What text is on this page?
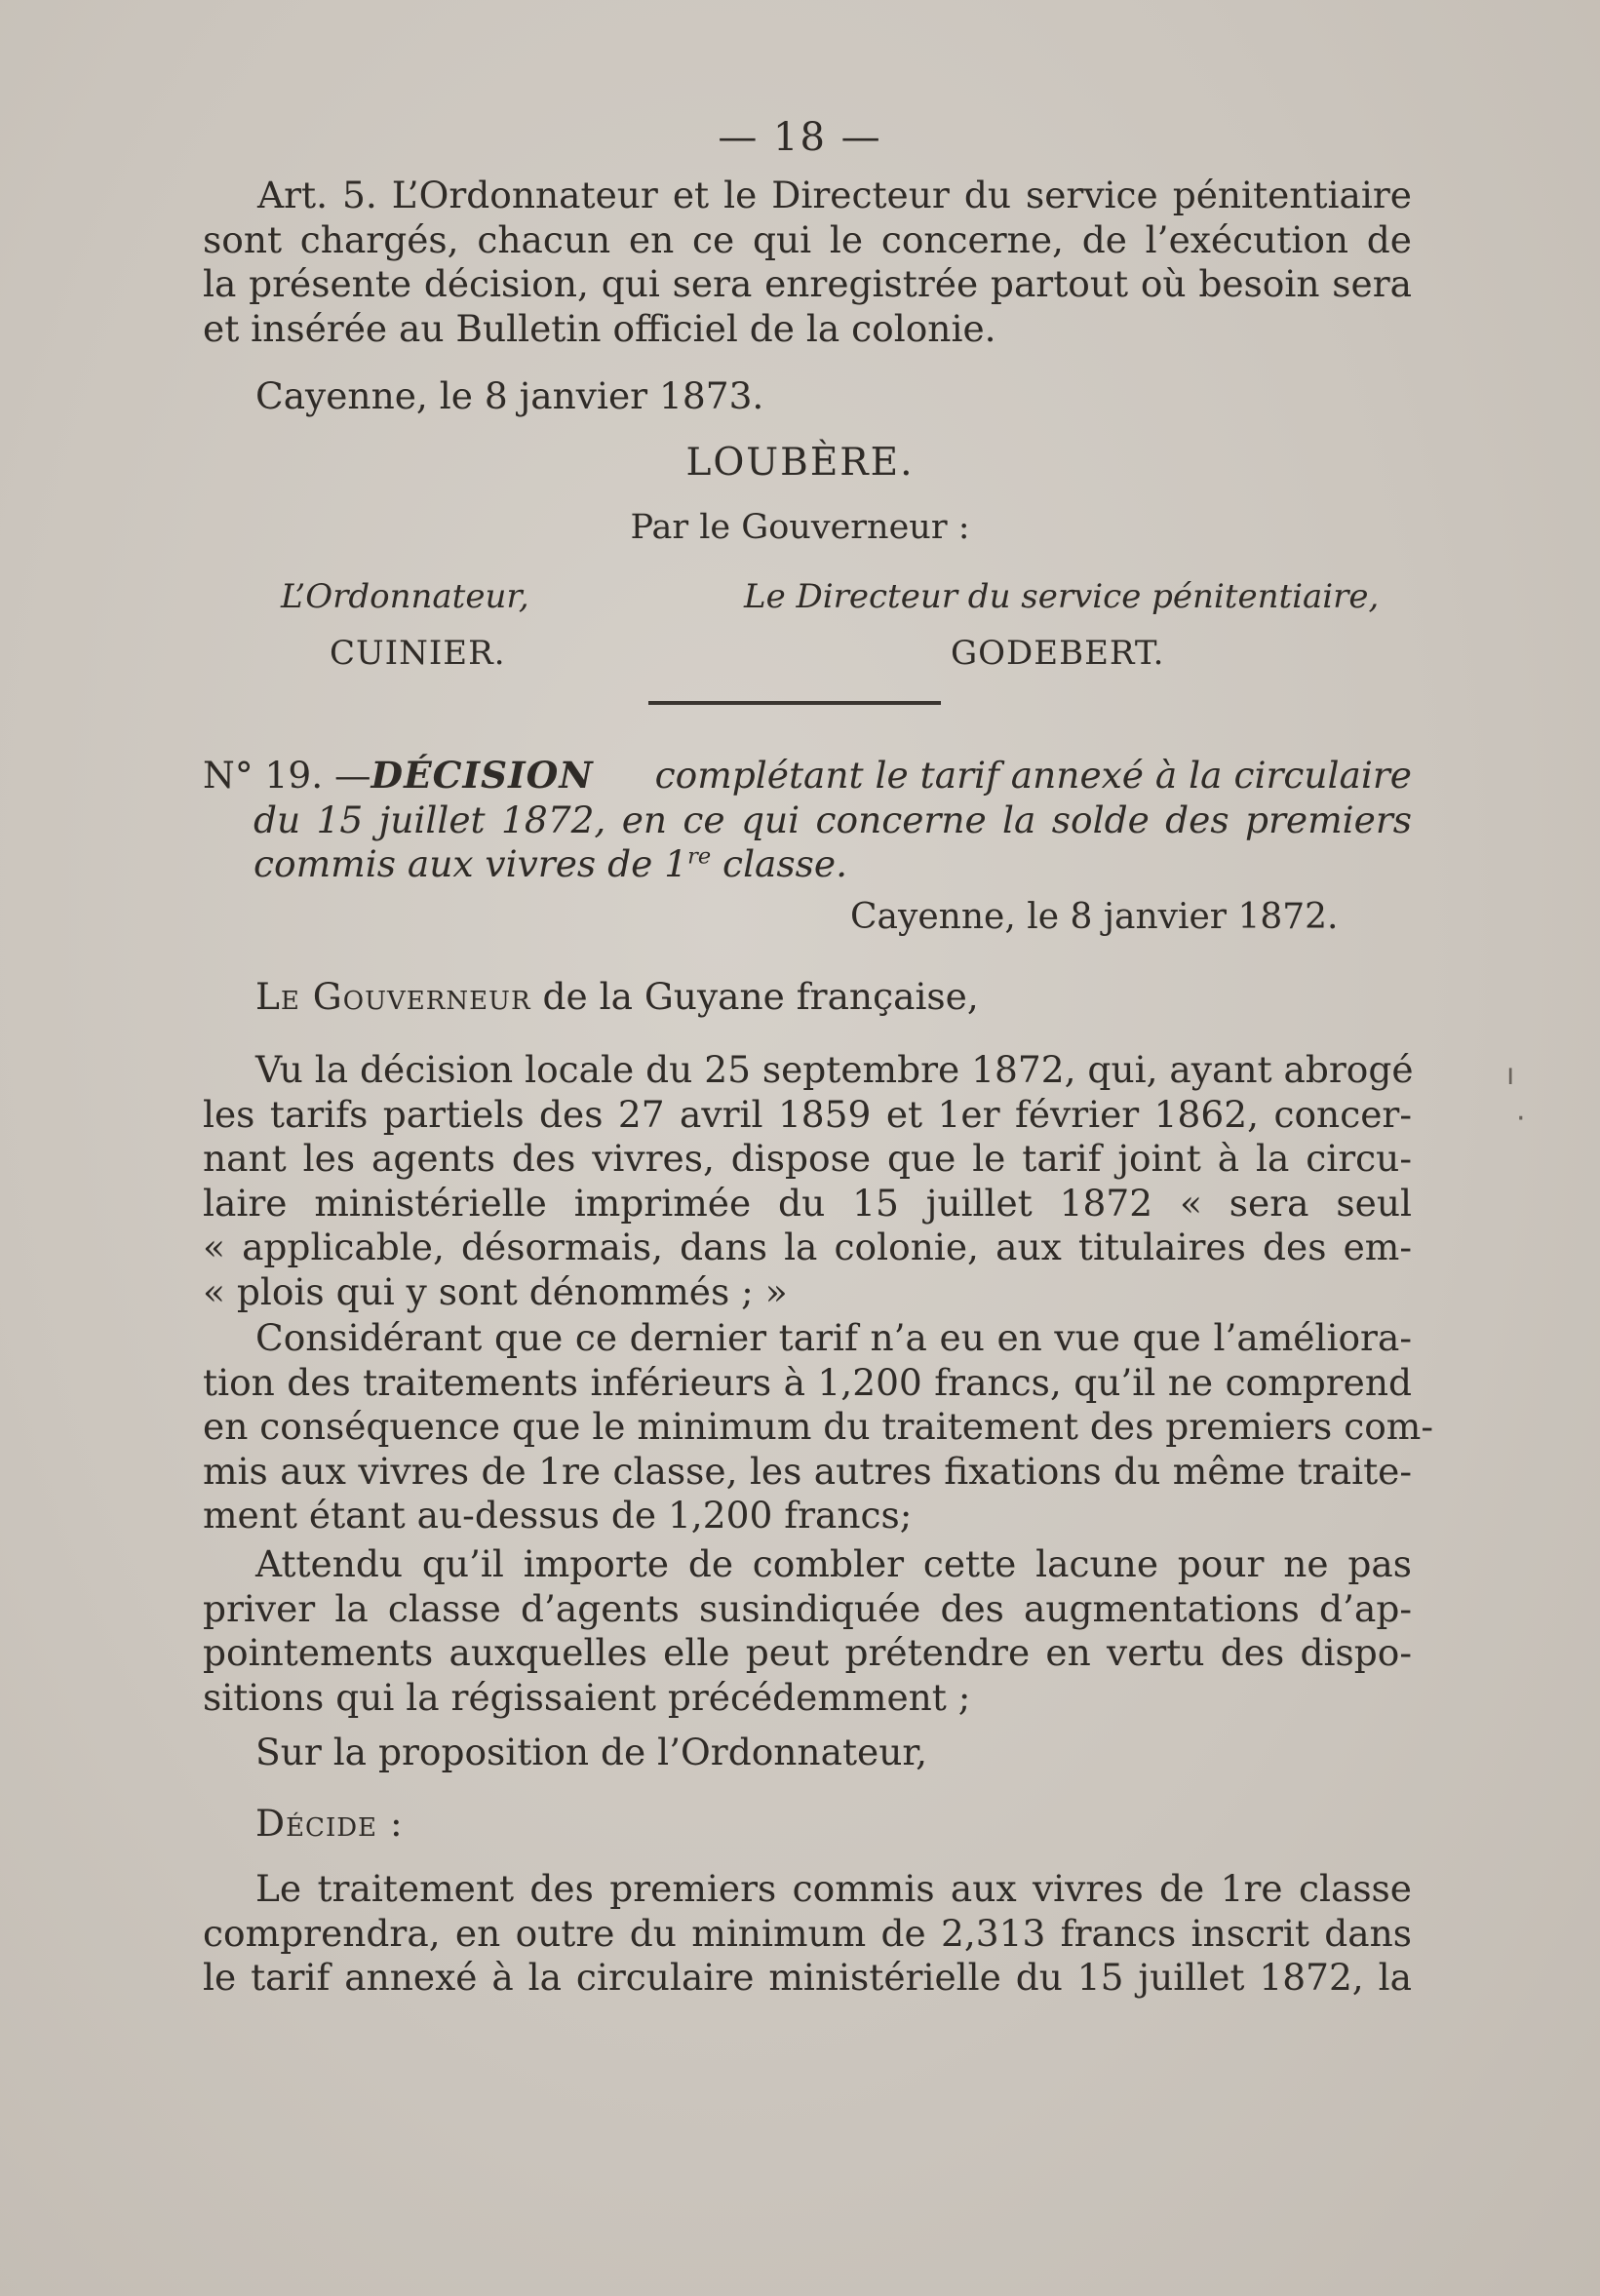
— 18 —

Art. 5. L’Ordonnateur et le Directeur du service pénitentiaire
sont chargés, chacun en ce qui le concerne, de l’exécution de
la présente décision, qui sera enregistrée partout où besoin sera
et insérée au Bulletin officiel de la colonie.

Cayenne, le 8 janvier 1873.
LOUBÈRE.
Par le Gouverneur :
L’Ordonnateur,
CUINIER.
Le Directeur du service pénitentiaire,
GODEBERT.
N° 19. — DÉCISION	complétant le tarif annexé à la circulaire
du 15 juillet 1872, en ce qui concerne la solde des premiers
commis aux vivres de 1re classe.
Cayenne, le 8 janvier 1872.
Le Gouverneur de la Guyane française,

Vu la décision locale du 25 septembre 1872, qui, ayant abrogé
les tarifs partiels des 27 avril 1859 et 1er février 1862, concer-
nant les agents des vivres, dispose que le tarif joint à la circu-
laire ministérielle imprimée du 15 juillet 1872 « sera seul
« applicable, désormais, dans la colonie, aux titulaires des em-
« plois qui y sont dénommés ; »

Considérant que ce dernier tarif n’a eu en vue que l’améliora-
tion des traitements inférieurs à 1,200 francs, qu’il ne comprend
en conséquence que le minimum du traitement des premiers com-
mis aux vivres de 1re classe, les autres fixations du même traite-
ment étant au-dessus de 1,200 francs;

Attendu qu’il importe de combler cette lacune pour ne pas
priver la classe d’agents susindiquée des augmentations d’ap-
pointements auxquelles elle peut prétendre en vertu des dispo-
sitions qui la régissaient précédemment ;

Sur la proposition de l’Ordonnateur,
Décide :

Le traitement des premiers commis aux vivres de 1re classe
comprendra, en outre du minimum de 2,313 francs inscrit dans
le tarif annexé à la circulaire ministérielle du 15 juillet 1872, la

ı
·
